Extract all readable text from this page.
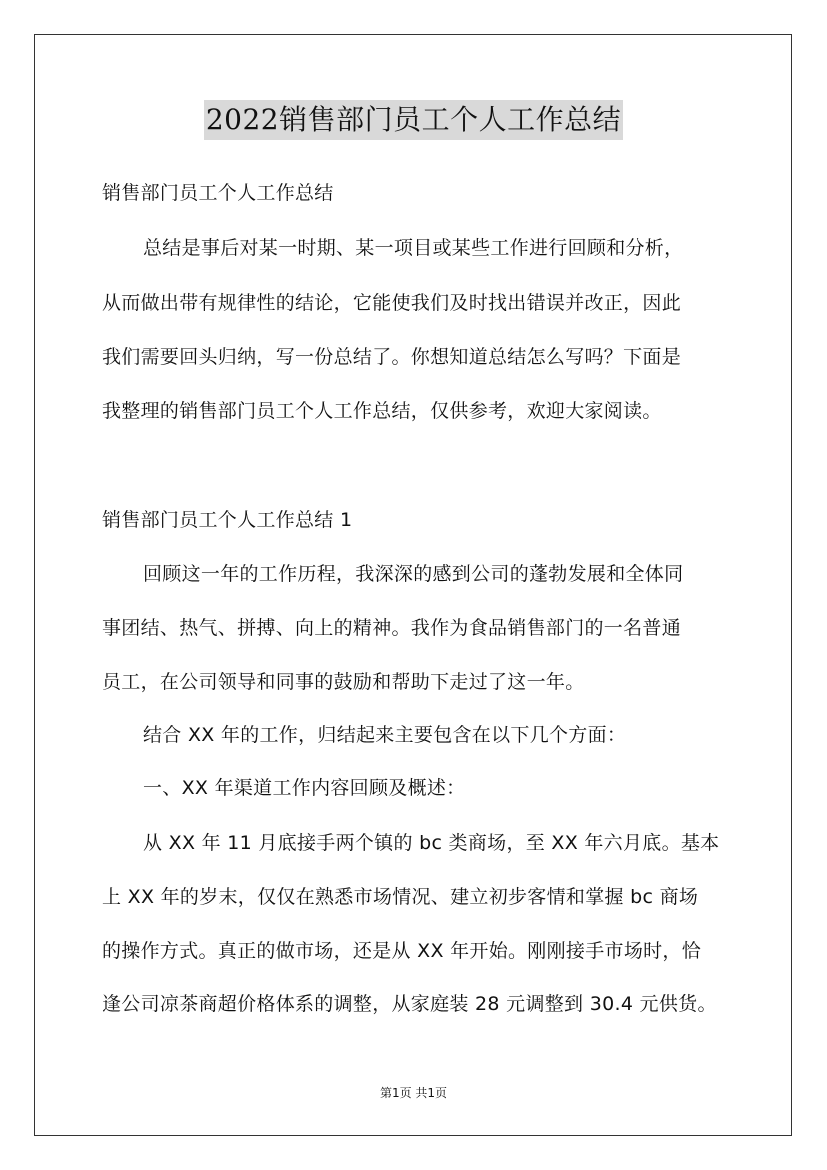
2022销售部门员工个人工作总结
销售部门员工个人工作总结
总结是事后对某一时期、某一项目或某些工作进行回顾和分析，
从而做出带有规律性的结论，它能使我们及时找出错误并改正，因此
我们需要回头归纳，写一份总结了。你想知道总结怎么写吗？下面是
我整理的销售部门员工个人工作总结，仅供参考，欢迎大家阅读。
销售部门员工个人工作总结 1
回顾这一年的工作历程，我深深的感到公司的蓬勃发展和全体同
事团结、热气、拼搏、向上的精神。我作为食品销售部门的一名普通
员工，在公司领导和同事的鼓励和帮助下走过了这一年。
结合 XX 年的工作，归结起来主要包含在以下几个方面：
一、XX 年渠道工作内容回顾及概述：
从 XX 年 11 月底接手两个镇的 bc 类商场，至 XX 年六月底。基本
上 XX 年的岁末，仅仅在熟悉市场情况、建立初步客情和掌握 bc 商场
的操作方式。真正的做市场，还是从 XX 年开始。刚刚接手市场时，恰
逢公司凉茶商超价格体系的调整，从家庭装 28 元调整到 30.4 元供货。
第1页 共1页
